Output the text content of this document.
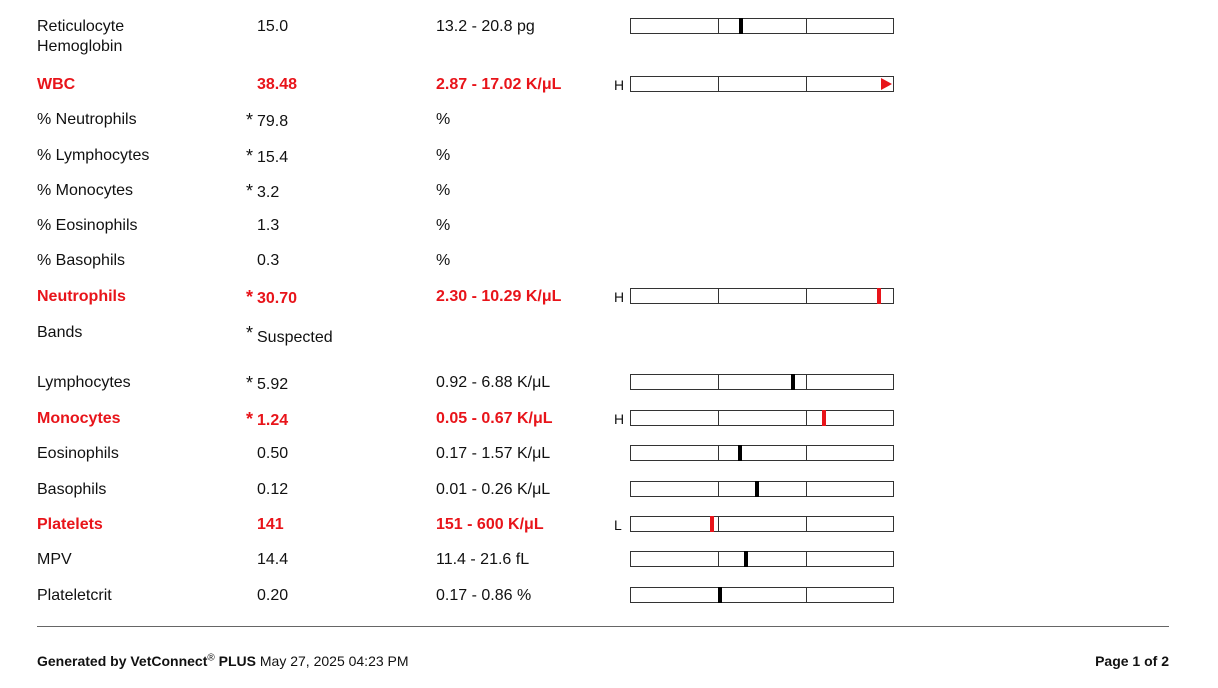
Reticulocyte
Hemoglobin
15.0	13.2 - 20.8 pg
WBC	38.48	2.87 - 17.02 K/μL	H
% Neutrophils	* 79.8	%
% Lymphocytes	* 15.4	%
% Monocytes	* 3.2	%
% Eosinophils	1.3	%
% Basophils	0.3	%
Neutrophils	* 30.70	2.30 - 10.29 K/μL	H
Bands	* Suspected
Lymphocytes	* 5.92	0.92 - 6.88 K/μL
Monocytes	* 1.24	0.05 - 0.67 K/μL	H
Eosinophils	0.50	0.17 - 1.57 K/μL
Basophils	0.12	0.01 - 0.26 K/μL
Platelets	141	151 - 600 K/μL	L
MPV	14.4	11.4 - 21.6 fL
Plateletcrit	0.20	0.17 - 0.86 %
Generated by VetConnect® PLUS May 27, 2025 04:23 PM	Page 1 of 2
